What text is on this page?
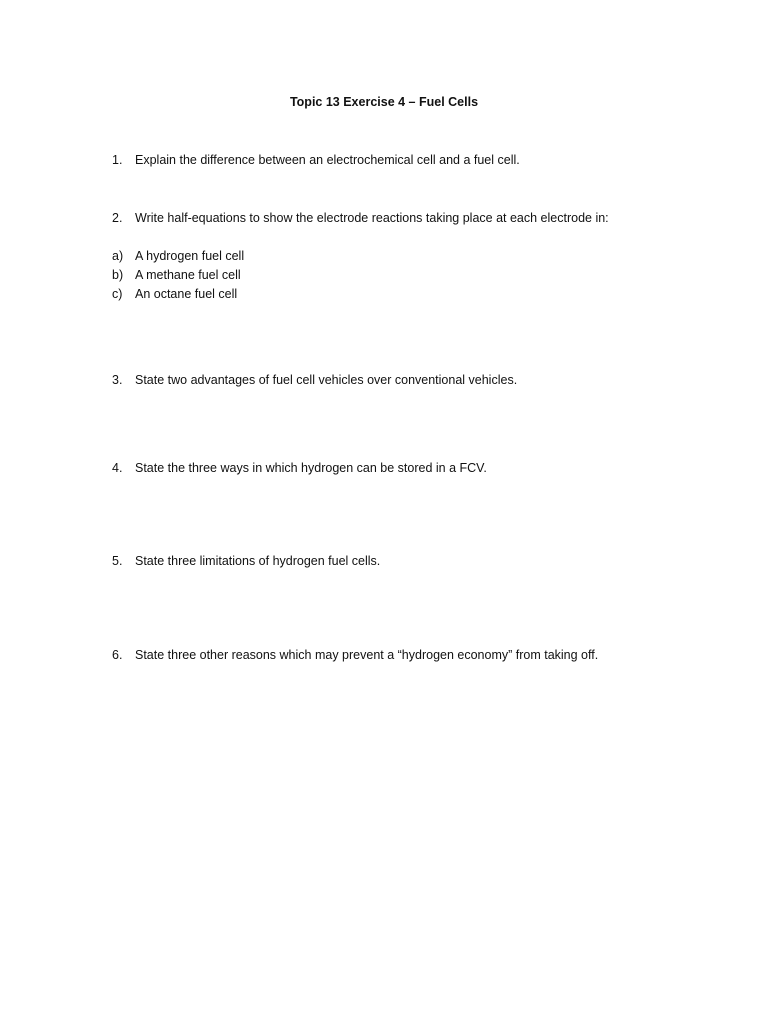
Topic 13 Exercise 4 – Fuel Cells
1. Explain the difference between an electrochemical cell and a fuel cell.
2. Write half-equations to show the electrode reactions taking place at each electrode in:
a) A hydrogen fuel cell
b) A methane fuel cell
c) An octane fuel cell
3. State two advantages of fuel cell vehicles over conventional vehicles.
4. State the three ways in which hydrogen can be stored in a FCV.
5. State three limitations of hydrogen fuel cells.
6. State three other reasons which may prevent a “hydrogen economy” from taking off.
